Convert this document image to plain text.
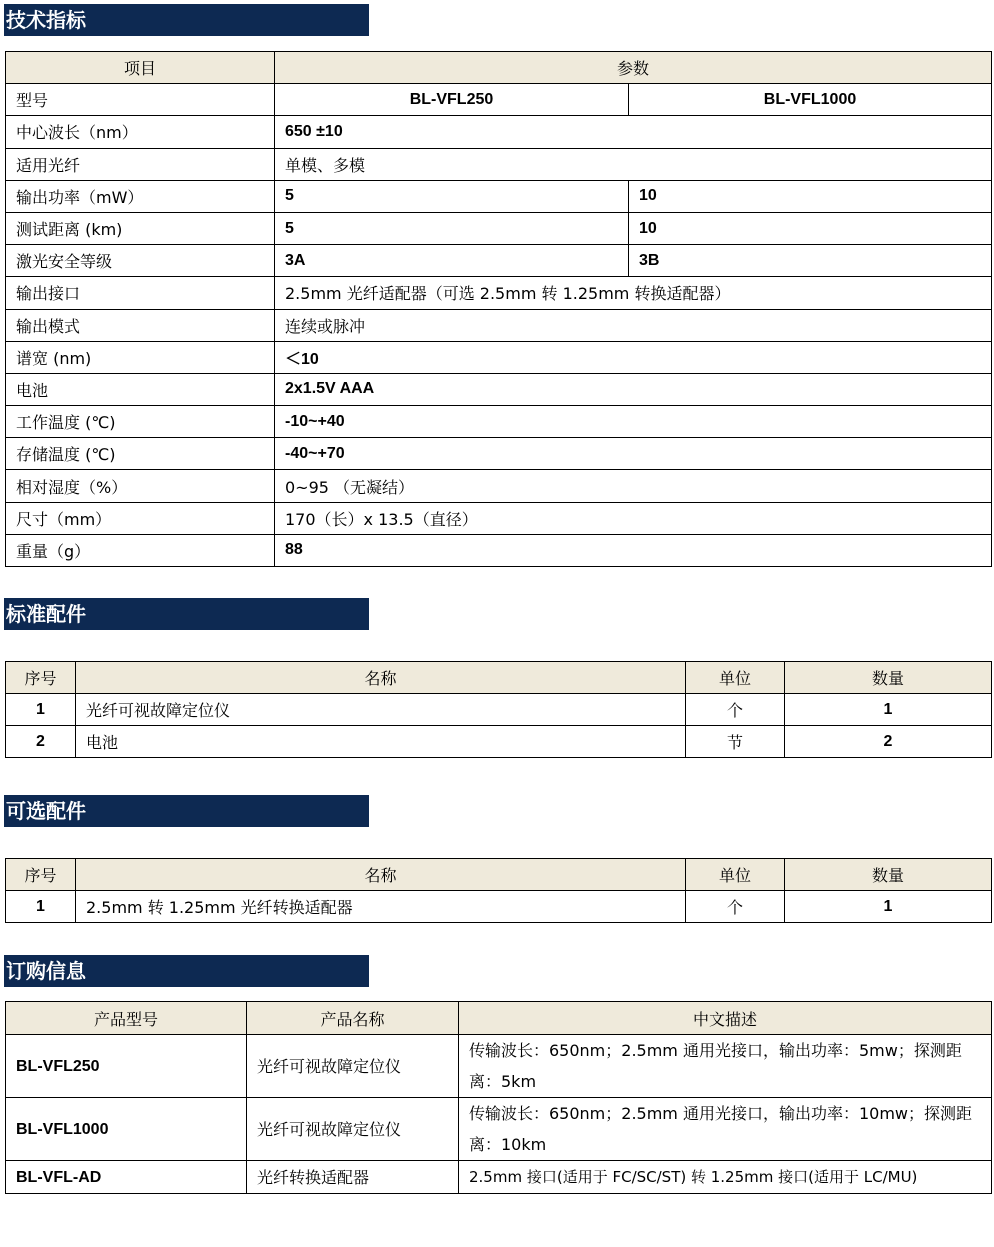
技术指标
项目	参数	
型号	BL-VFL250	BL-VFL1000
中心波长（nm）	650 ±10	
适用光纤	单模、多模	
输出功率（mW）	5	10
测试距离 (km)	5	10
激光安全等级	3A	3B
输出接口	2.5mm 光纤适配器（可选 2.5mm 转 1.25mm 转换适配器）	
输出模式	连续或脉冲	
谱宽 (nm)	＜10	
电池	2x1.5V AAA	
工作温度 (℃)	-10~+40	
存储温度 (℃)	-40~+70	
相对湿度（%）	0~95 （无凝结）	
尺寸（mm）	170（长）x 13.5（直径）	
重量（g）	88	
标准配件
序号	名称	单位	数量
1	光纤可视故障定位仪	个	1
2	电池	节	2
可选配件
序号	名称	单位	数量
1	2.5mm 转 1.25mm 光纤转换适配器	个	1
订购信息
产品型号	产品名称	中文描述
BL-VFL250	光纤可视故障定位仪	传输波长：650nm；2.5mm 通用光接口，输出功率：5mw；探测距离：5km
BL-VFL1000	光纤可视故障定位仪	传输波长：650nm；2.5mm 通用光接口，输出功率：10mw；探测距离：10km
BL-VFL-AD	光纤转换适配器	2.5mm 接口(适用于 FC/SC/ST) 转 1.25mm 接口(适用于 LC/MU)
